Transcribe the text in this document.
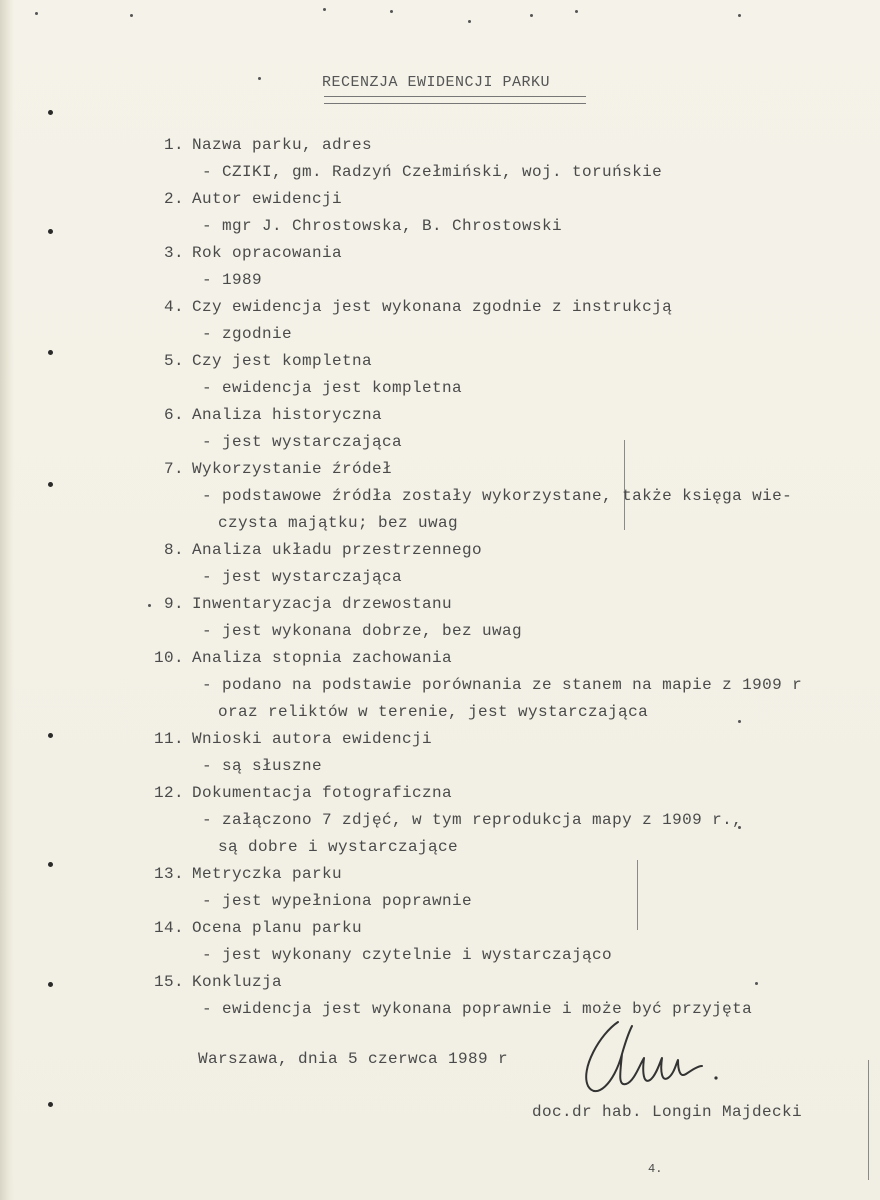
RECENZJA EWIDENCJI PARKU
1. Nazwa parku, adres
- CZIKI, gm. Radzyń Czełmiński, woj. toruńskie
2. Autor ewidencji
- mgr J. Chrostowska, B. Chrostowski
3. Rok opracowania
- 1989
4. Czy ewidencja jest wykonana zgodnie z instrukcją
- zgodnie
5. Czy jest kompletna
- ewidencja jest kompletna
6. Analiza historyczna
- jest wystarczająca
7. Wykorzystanie źródeł
- podstawowe źródła zostały wykorzystane, także księga wie-
czysta majątku; bez uwag
8. Analiza układu przestrzennego
- jest wystarczająca
9. Inwentaryzacja drzewostanu
- jest wykonana dobrze, bez uwag
10. Analiza stopnia zachowania
- podano na podstawie porównania ze stanem na mapie z 1909 r
oraz reliktów w terenie, jest wystarczająca
11. Wnioski autora ewidencji
- są słuszne
12. Dokumentacja fotograficzna
- załączono 7 zdjęć, w tym reprodukcja mapy z 1909 r.,
są dobre i wystarczające
13. Metryczka parku
- jest wypełniona poprawnie
14. Ocena planu parku
- jest wykonany czytelnie i wystarczająco
15. Konkluzja
- ewidencja jest wykonana poprawnie i może być przyjęta
Warszawa, dnia 5 czerwca 1989 r
doc.dr hab. Longin Majdecki
4.
